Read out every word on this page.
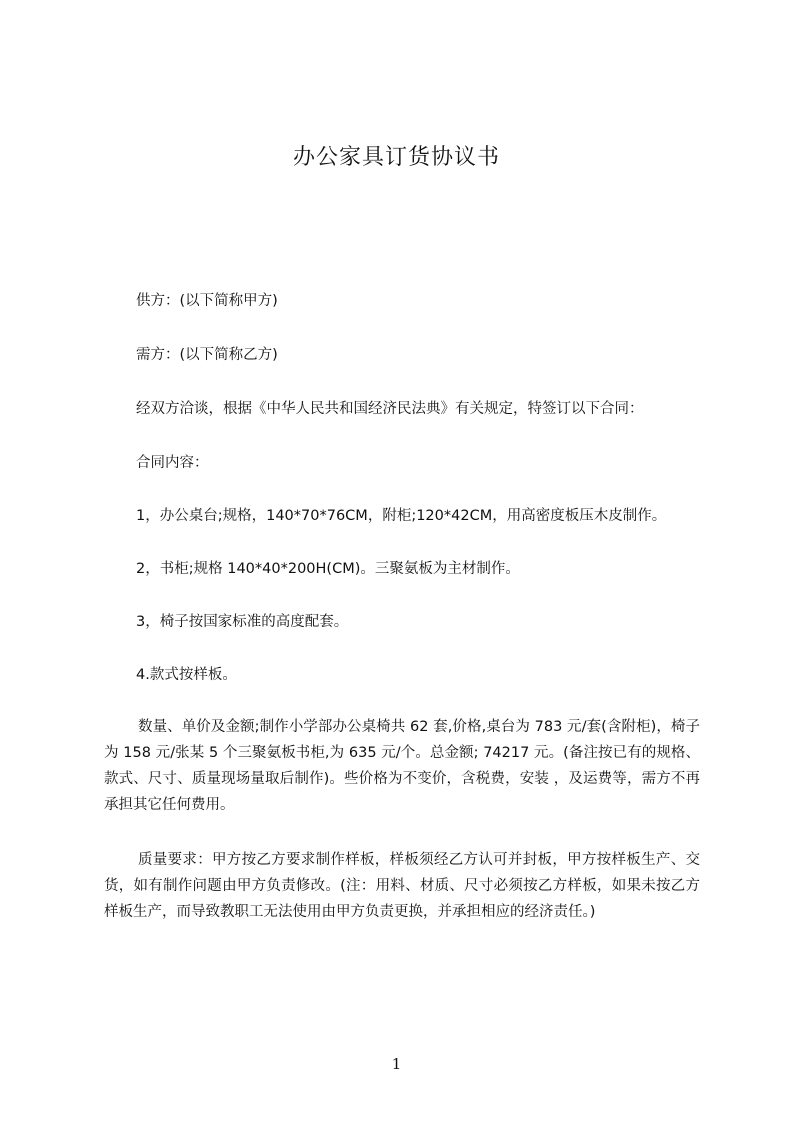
办公家具订货协议书
供方：(以下简称甲方)
需方：(以下简称乙方)
经双方洽谈，根据《中华人民共和国经济民法典》有关规定，特签订以下合同：
合同内容：
1，办公桌台;规格，140*70*76CM，附柜;120*42CM，用高密度板压木皮制作。
2，书柜;规格 140*40*200H(CM)。三聚氨板为主材制作。
3，椅子按国家标准的高度配套。
4.款式按样板。
数量、单价及金额;制作小学部办公桌椅共 62 套,价格,桌台为 783 元/套(含附柜)，椅子为 158 元/张某 5 个三聚氨板书柜,为 635 元/个。总金额; 74217 元。(备注按已有的规格、款式、尺寸、质量现场量取后制作)。些价格为不变价，含税费，安装 ，及运费等，需方不再承担其它任何费用。
质量要求：甲方按乙方要求制作样板，样板须经乙方认可并封板，甲方按样板生产、交货，如有制作问题由甲方负责修改。(注：用料、材质、尺寸必须按乙方样板，如果未按乙方样板生产，而导致教职工无法使用由甲方负责更换，并承担相应的经济责任。)
1
